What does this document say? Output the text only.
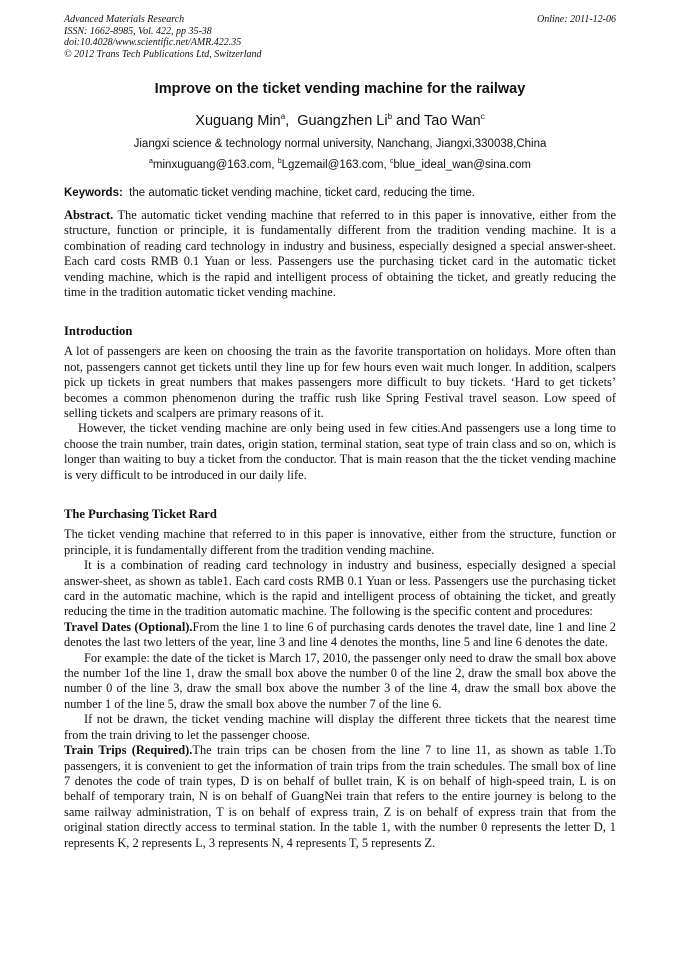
Advanced Materials Research
ISSN: 1662-8985, Vol. 422, pp 35-38
doi:10.4028/www.scientific.net/AMR.422.35
© 2012 Trans Tech Publications Ltd, Switzerland
Online: 2011-12-06
Improve on the ticket vending machine for the railway
Xuguang Min$^a$,  Guangzhen Li$^b$ and Tao Wan$^c$
Jiangxi science & technology normal university, Nanchang, Jiangxi,330038,China
$^a$minxuguang@163.com, $^b$Lgzemail@163.com, $^c$blue_ideal_wan@sina.com
Keywords:  the automatic ticket vending machine, ticket card, reducing the time.

Abstract. The automatic ticket vending machine that referred to in this paper is innovative, either from the structure, function or principle, it is fundamentally different from the tradition vending machine. It is a combination of reading card technology in industry and business, especially designed a special answer-sheet. Each card costs RMB 0.1 Yuan or less. Passengers use the purchasing ticket card in the automatic ticket vending machine, which is the rapid and intelligent process of obtaining the ticket, and greatly reducing the time in the tradition automatic ticket vending machine.

Introduction

A lot of passengers are keen on choosing the train as the favorite transportation on holidays. More often than not, passengers cannot get tickets until they line up for few hours even wait much longer. In addition, scalpers pick up tickets in great numbers that makes passengers more difficult to buy tickets. ‘Hard to get tickets’ becomes a common phenomenon during the traffic rush like Spring Festival travel season. Low speed of selling tickets and scalpers are primary reasons of it.

However, the ticket vending machine are only being used in few cities.And passengers use a long time to choose the train number, train dates, origin station, terminal station, seat type of train class and so on, which is longer than waiting to buy a ticket from the conductor. That is main reason that the the ticket vending machine is very difficult to be introduced in our daily life.

The Purchasing Ticket Rard

The ticket vending machine that referred to in this paper is innovative, either from the structure, function or principle, it is fundamentally different from the tradition vending machine.

It is a combination of reading card technology in industry and business, especially designed a special answer-sheet, as shown as table1. Each card costs RMB 0.1 Yuan or less. Passengers use the purchasing ticket card in the automatic machine, which is the rapid and intelligent process of obtaining the ticket, and greatly reducing the time in the tradition automatic machine. The following is the specific content and procedures:

Travel Dates (Optional).From the line 1 to line 6 of purchasing cards denotes the travel date, line 1 and line 2 denotes the last two letters of the year, line 3 and line 4 denotes the months, line 5 and line 6 denotes the date.

For example: the date of the ticket is March 17, 2010, the passenger only need to draw the small box above the number 1of the line 1, draw the small box above the number 0 of the line 2, draw the small box above the number 0 of the line 3, draw the small box above the number 3 of the line 4, draw the small box above the number 1 of the line 5, draw the small box above the number 7 of the line 6.

If not be drawn, the ticket vending machine will display the different three tickets that the nearest time from the train driving to let the passenger choose.

Train Trips (Required).The train trips can be chosen from the line 7 to line 11, as shown as table 1.To passengers, it is convenient to get the information of train trips from the train schedules. The small box of line 7 denotes the code of train types, D is on behalf of bullet train, K is on behalf of high-speed train, L is on behalf of temporary train, N is on behalf of GuangNei train that refers to the entire journey is belong to the same railway administration, T is on behalf of express train, Z is on behalf of express train that from the original station directly access to terminal station. In the table 1, with the number 0 represents the letter D, 1 represents K, 2 represents L, 3 represents N, 4 represents T, 5 represents Z.
